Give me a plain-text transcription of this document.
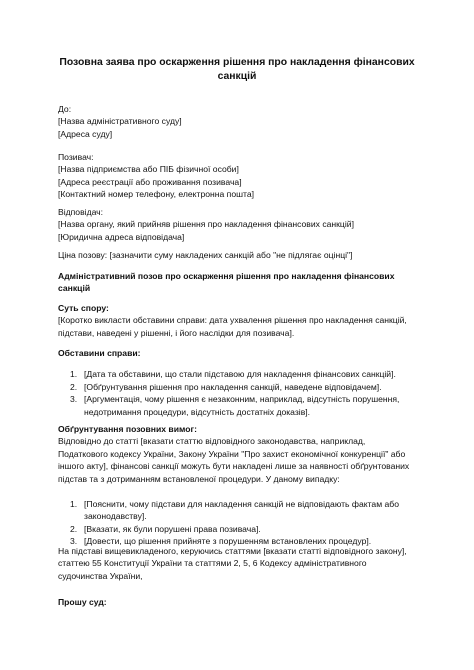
Позовна заява про оскарження рішення про накладення фінансових
санкцій
До:
[Назва адміністративного суду]
[Адреса суду]
Позивач:
[Назва підприємства або ПІБ фізичної особи]
[Адреса реєстрації або проживання позивача]
[Контактний номер телефону, електронна пошта]
Відповідач:
[Назва органу, який прийняв рішення про накладення фінансових санкцій]
[Юридична адреса відповідача]
Ціна позову: [зазначити суму накладених санкцій або "не підлягає оцінці"]
Адміністративний позов про оскарження рішення про накладення фінансових
санкцій
Суть спору:
[Коротко викласти обставини справи: дата ухвалення рішення про накладення санкцій,
підстави, наведені у рішенні, і його наслідки для позивача].
Обставини справи:
1. [Дата та обставини, що стали підставою для накладення фінансових санкцій].
2. [Обґрунтування рішення про накладення санкцій, наведене відповідачем].
3. [Аргументація, чому рішення є незаконним, наприклад, відсутність порушення,
недотримання процедури, відсутність достатніх доказів].
Обґрунтування позовних вимог:
Відповідно до статті [вказати статтю відповідного законодавства, наприклад,
Податкового кодексу України, Закону України "Про захист економічної конкуренції" або
іншого акту], фінансові санкції можуть бути накладені лише за наявності обґрунтованих
підстав та з дотриманням встановленої процедури. У даному випадку:
1. [Пояснити, чому підстави для накладення санкцій не відповідають фактам або
законодавству].
2. [Вказати, як були порушені права позивача].
3. [Довести, що рішення прийняте з порушенням встановлених процедур].
На підставі вищевикладеного, керуючись статтями [вказати статті відповідного закону],
статтею 55 Конституції України та статтями 2, 5, 6 Кодексу адміністративного
судочинства України,
Прошу суд:
